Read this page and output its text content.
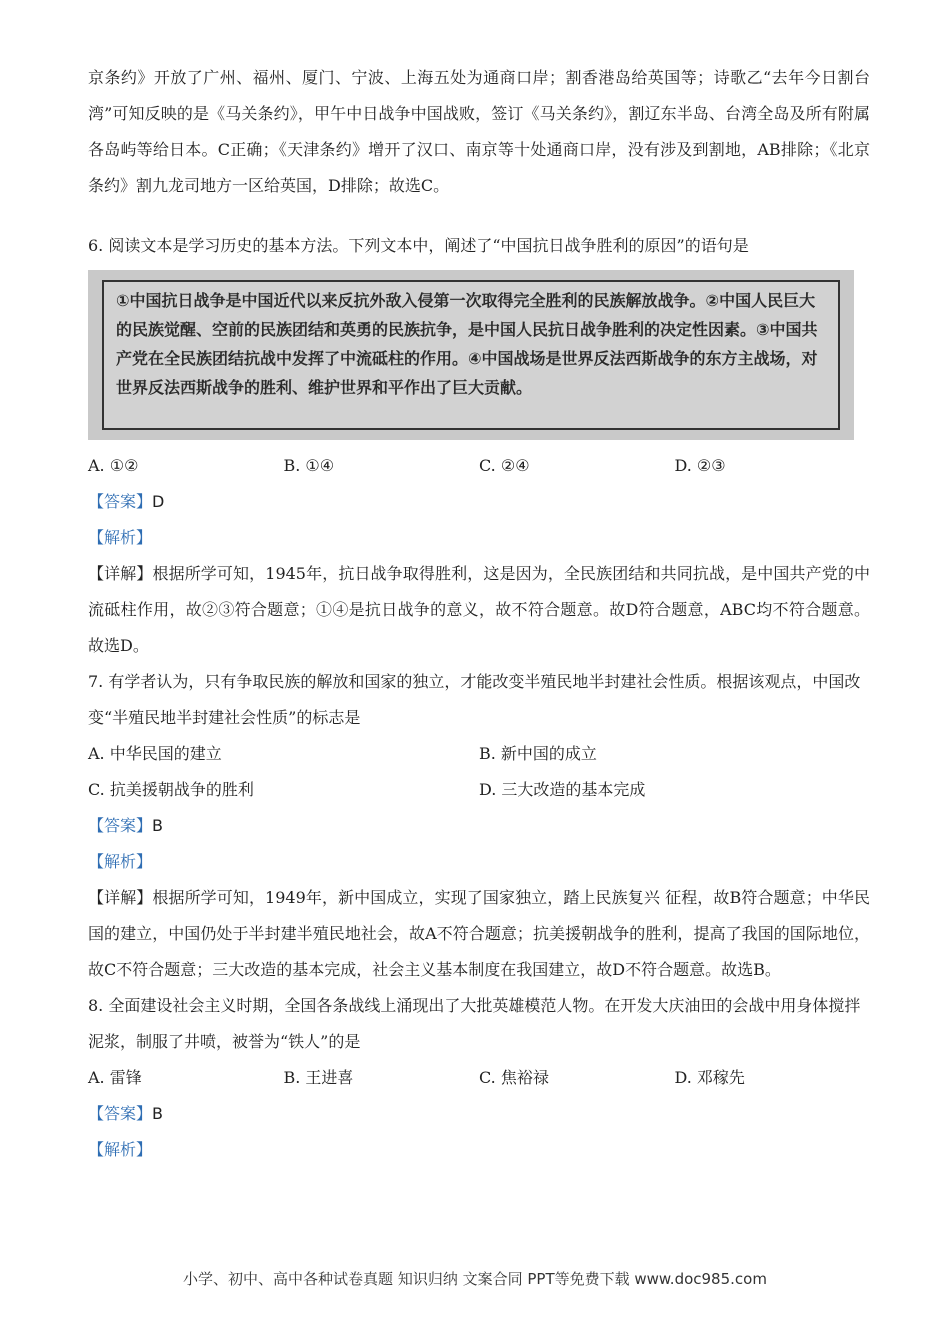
京条约》开放了广州、福州、厦门、宁波、上海五处为通商口岸；割香港岛给英国等；诗歌乙“去年今日割台湾”可知反映的是《马关条约》，甲午中日战争中国战败，签订《马关条约》，割辽东半岛、台湾全岛及所有附属各岛屿等给日本。C正确；《天津条约》增开了汉口、南京等十处通商口岸，没有涉及到割地，AB排除；《北京条约》割九龙司地方一区给英国，D排除；故选C。

6. 阅读文本是学习历史的基本方法。下列文本中，阐述了“中国抗日战争胜利的原因”的语句是

①中国抗日战争是中国近代以来反抗外敌入侵第一次取得完全胜利的民族解放战争。②中国人民巨大的民族觉醒、空前的民族团结和英勇的民族抗争，是中国人民抗日战争胜利的决定性因素。③中国共产党在全民族团结抗战中发挥了中流砥柱的作用。④中国战场是世界反法西斯战争的东方主战场，对世界反法西斯战争的胜利、维护世界和平作出了巨大贡献。
A. ①②	B. ①④	C. ②④	D. ②③

【答案】D

【解析】

【详解】根据所学可知，1945年，抗日战争取得胜利，这是因为，全民族团结和共同抗战，是中国共产党的中流砥柱作用，故②③符合题意；①④是抗日战争的意义，故不符合题意。故D符合题意，ABC均不符合题意。故选D。

7. 有学者认为，只有争取民族的解放和国家的独立，才能改变半殖民地半封建社会性质。根据该观点，中国改变“半殖民地半封建社会性质”的标志是

A. 中华民国的建立	B. 新中国的成立
C. 抗美援朝战争的胜利	D. 三大改造的基本完成

【答案】B

【解析】

【详解】根据所学可知，1949年，新中国成立，实现了国家独立，踏上民族复兴 征程，故B符合题意；中华民国的建立，中国仍处于半封建半殖民地社会，故A不符合题意；抗美援朝战争的胜利，提高了我国的国际地位，故C不符合题意；三大改造的基本完成，社会主义基本制度在我国建立，故D不符合题意。故选B。

8. 全面建设社会主义时期，全国各条战线上涌现出了大批英雄模范人物。在开发大庆油田的会战中用身体搅拌泥浆，制服了井喷，被誉为“铁人”的是

A. 雷锋	B. 王进喜	C. 焦裕禄	D. 邓稼先

【答案】B

【解析】

小学、初中、高中各种试卷真题 知识归纳 文案合同 PPT等免费下载 www.doc985.com
